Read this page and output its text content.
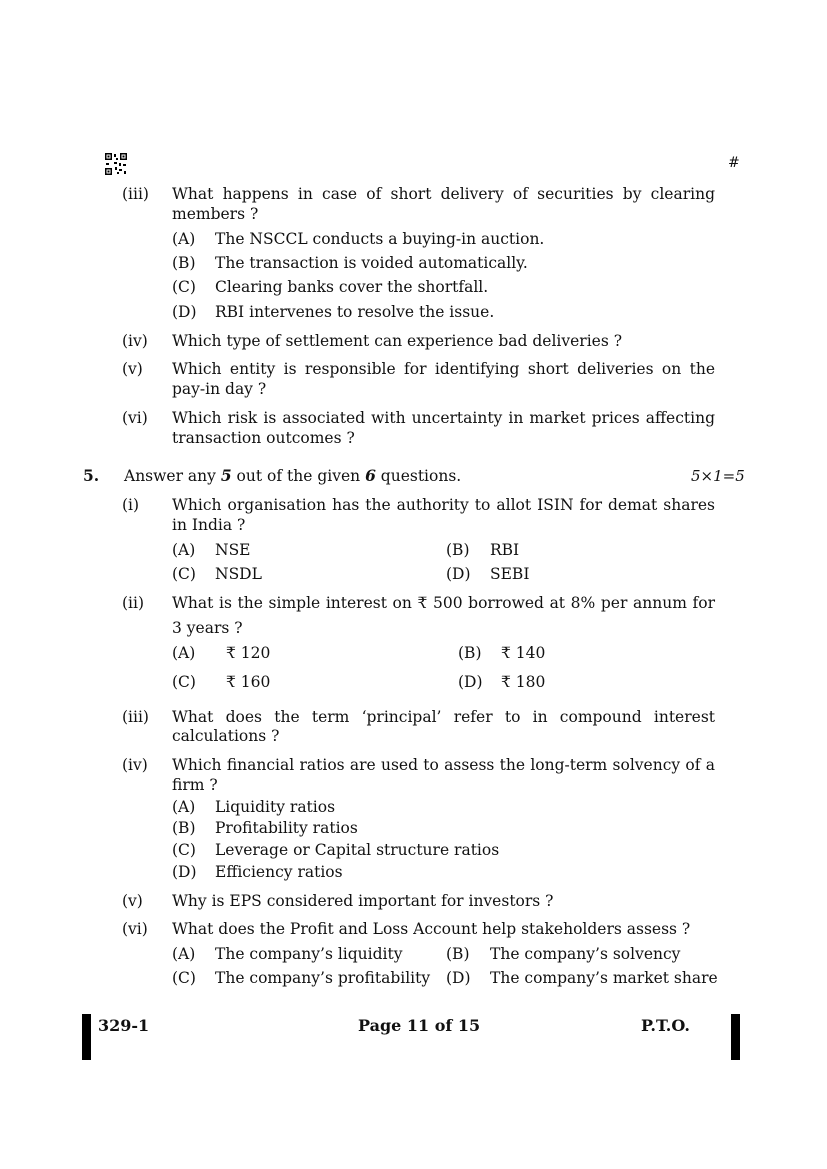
#
(iii) What happens in case of short delivery of securities by clearing
members ?
(A) The NSCCL conducts a buying-in auction.
(B) The transaction is voided automatically.
(C) Clearing banks cover the shortfall.
(D) RBI intervenes to resolve the issue.
(iv) Which type of settlement can experience bad deliveries ?
(v) Which entity is responsible for identifying short deliveries on the
pay-in day ?
(vi) Which risk is associated with uncertainty in market prices affecting
transaction outcomes ?
5. Answer any 5 out of the given 6 questions.	5×1=5
(i) Which organisation has the authority to allot ISIN for demat shares
in India ?
(A) NSE	(B) RBI
(C) NSDL	(D) SEBI
(ii) What is the simple interest on ₹ 500 borrowed at 8% per annum for
3 years ?
(A) ₹ 120	(B) ₹ 140
(C) ₹ 160	(D) ₹ 180
(iii) What does the term ‘principal’ refer to in compound interest
calculations ?
(iv) Which financial ratios are used to assess the long-term solvency of a
firm ?
(A) Liquidity ratios
(B) Profitability ratios
(C) Leverage or Capital structure ratios
(D) Efficiency ratios
(v) Why is EPS considered important for investors ?
(vi) What does the Profit and Loss Account help stakeholders assess ?
(A) The company’s liquidity	(B) The company’s solvency
(C) The company’s profitability (D) The company’s market share
329-1	Page 11 of 15	P.T.O.
